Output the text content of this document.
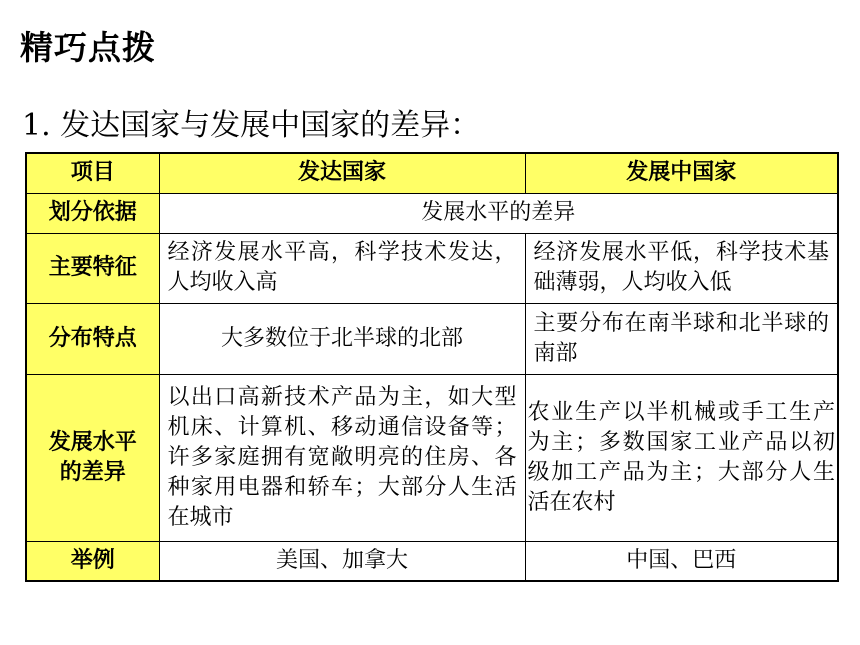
精巧点拨
1. 发达国家与发展中国家的差异：
项目	发达国家	发展中国家
划分依据	发展水平的差异	
主要特征	经济发展水平高，科学技术发达，人均收入高	经济发展水平低，科学技术基础薄弱，人均收入低
分布特点	大多数位于北半球的北部	主要分布在南半球和北半球的南部
发展水平的差异	以出口高新技术产品为主，如大型机床、计算机、移动通信设备等；许多家庭拥有宽敞明亮的住房、各种家用电器和轿车；大部分人生活在城市	农业生产以半机械或手工生产为主；多数国家工业产品以初级加工产品为主；大部分人生活在农村
举例	美国、加拿大	中国、巴西
